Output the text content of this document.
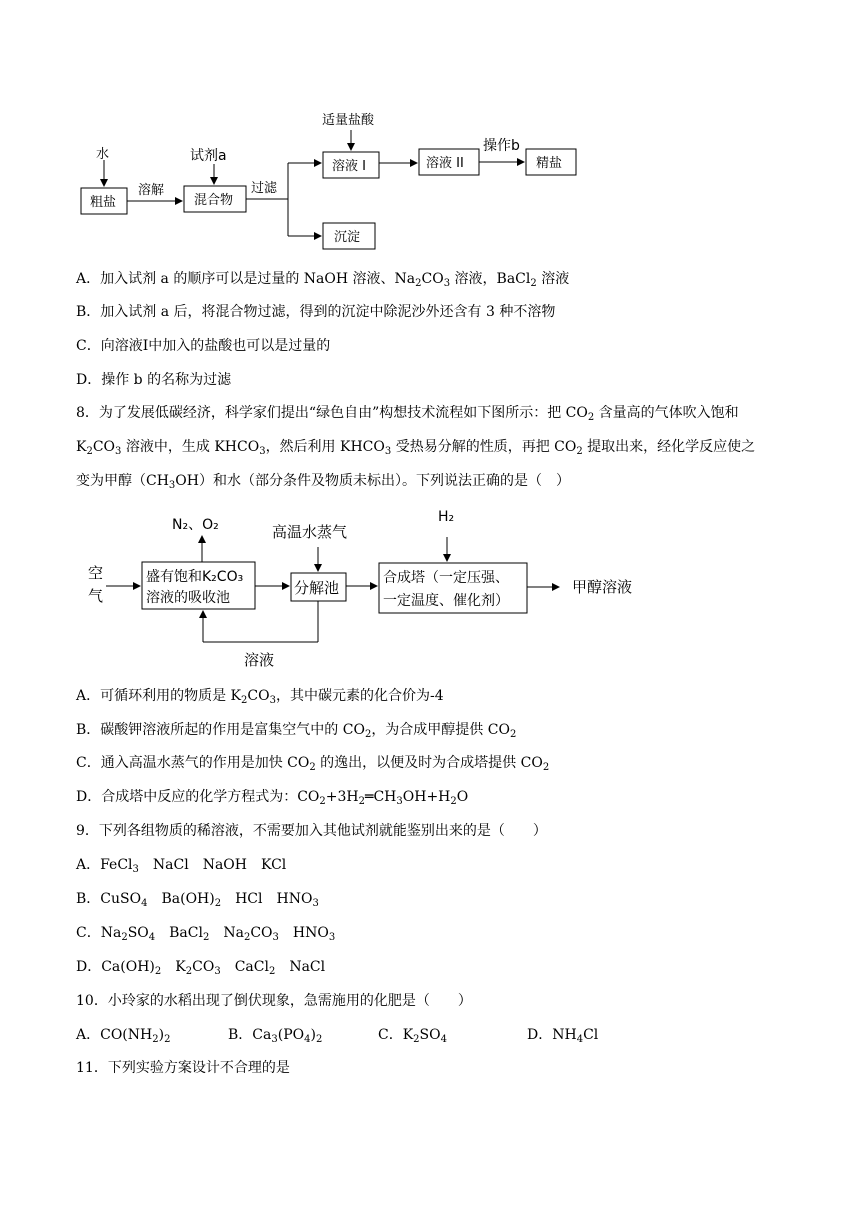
水
粗盐
溶解
试剂a
混合物
过滤
适量盐酸
溶液 I	溶液 II
操作b
精盐
沉淀
A．加入试剂 a 的顺序可以是过量的 NaOH 溶液、$Na_2CO_3$ 溶液，BaCl$_2$ 溶液
B．加入试剂 a 后，将混合物过滤，得到的沉淀中除泥沙外还含有 3 种不溶物
C．向溶液I中加入的盐酸也可以是过量的
D．操作 b 的名称为过滤
8．为了发展低碳经济，科学家们提出“绿色自由”构想技术流程如下图所示：把 $CO_2$ 含量高的气体吹入饱和
$K_2CO_3$ 溶液中，生成 $KHCO_3$，然后利用 $KHCO_3$ 受热易分解的性质，再把 $CO_2$ 提取出来，经化学反应使之
变为甲醇$(CH_3OH)$和水（部分条件及物质未标出）。下列说法正确的是（　）
N₂、O₂	高温水蒸气
H₂
空
气
盛有饱和K₂CO₃
溶液的吸收池
分解池
合成塔（一定压强、
一定温度、催化剂）
甲醇溶液
溶液
A．可循环利用的物质是 $K_2CO_3$，其中碳元素的化合价为-4
B．碳酸钾溶液所起的作用是富集空气中的 $CO_2$，为合成甲醇提供 $CO_2$
C．通入高温水蒸气的作用是加快 $CO_2$ 的逸出，以便及时为合成塔提供 $CO_2$
D．合成塔中反应的化学方程式为：$CO_2+3H_2═CH_3OH+H_2O$
9．下列各组物质的稀溶液，不需要加入其他试剂就能鉴别出来的是（　　）
A．FeCl$_3$　NaCl　NaOH　KCl
B．CuSO$_4$　$Ba(OH)_2$　HCl　$HNO_3$
C．$Na_2SO_4$　BaCl$_2$　$Na_2CO_3$　$HNO_3$
D．$Ca(OH)_2$　$K_2CO_3$　CaCl$_2$　NaCl
10．小玲家的水稻出现了倒伏现象，急需施用的化肥是（　　）
A．$CO(NH_2)_2$	B．$Ca_3(PO_4)_2$	C．$K_2SO_4$	D．$NH_4Cl$
11．下列实验方案设计不合理的是
